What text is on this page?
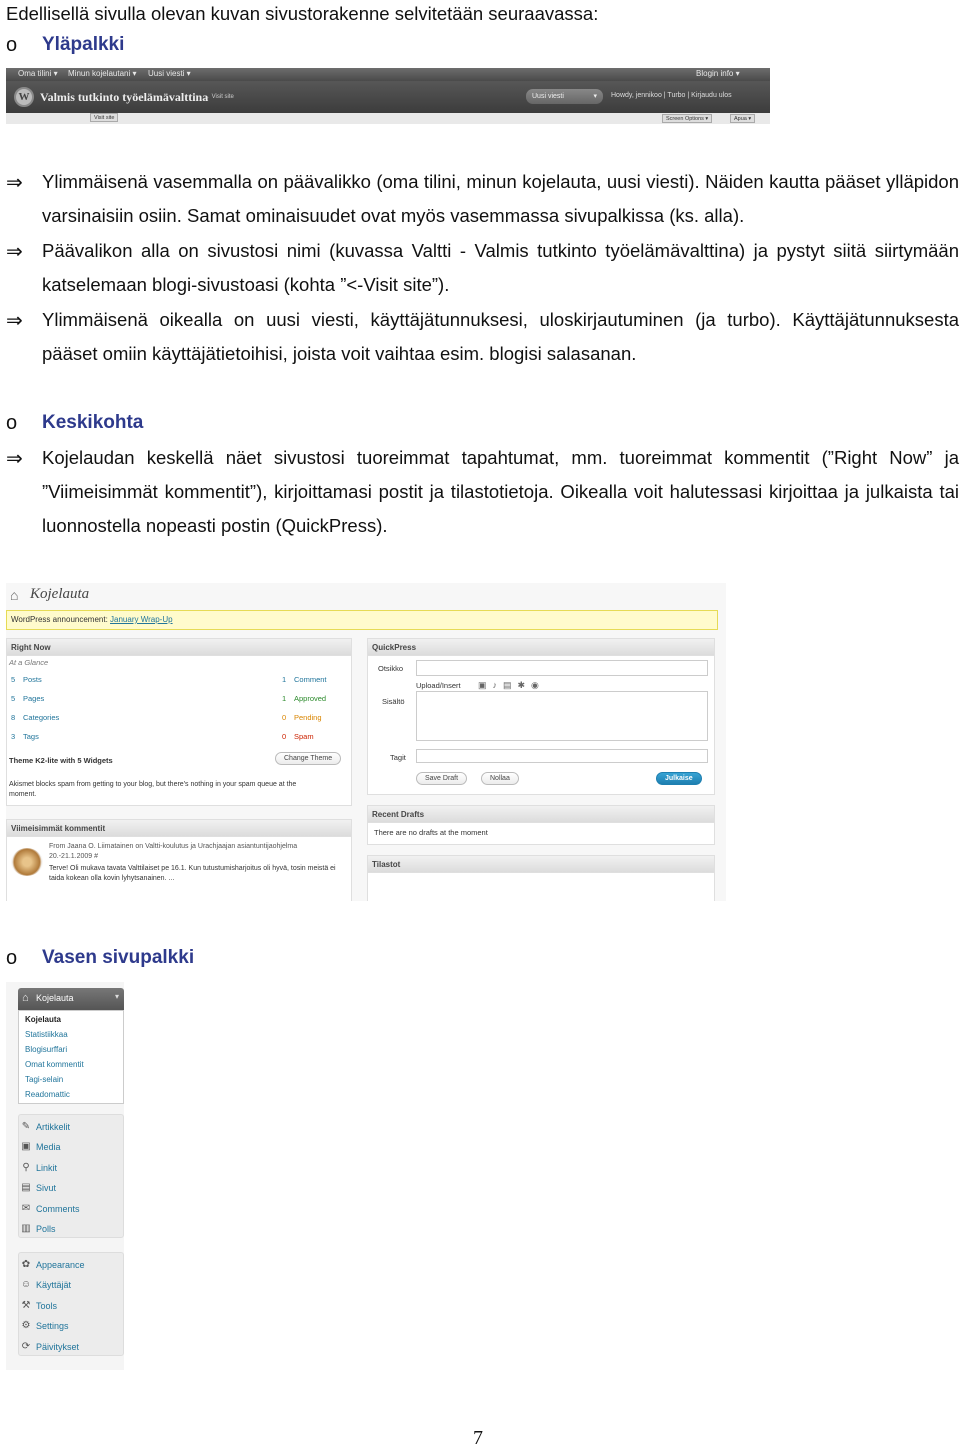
Edellisellä sivulla olevan kuvan sivustorakenne selvitetään seuraavassa:
o Yläpalkki
Oma tilini ▾ Minun kojelautani ▾ Uusi viesti ▾	Blogin info ▾
W Valmis tutkinto työelämävalttina
← Visit site	Uusi viesti	▾ Howdy, jennikoo | Turbo | Kirjaudu ulos
Visit site	Screen Options ▾	Apua ▾
⇒ Ylimmäisenä vasemmalla on päävalikko (oma tilini, minun kojelauta, uusi viesti). Näiden kautta pääset ylläpidon varsinaisiin osiin. Samat ominaisuudet ovat myös vasemmassa sivupalkissa (ks. alla).
⇒ Päävalikon alla on sivustosi nimi (kuvassa Valtti - Valmis tutkinto työelämävalttina) ja pystyt siitä siirtymään katselemaan blogi-sivustoasi (kohta ”<-Visit site”).
⇒ Ylimmäisenä oikealla on uusi viesti, käyttäjätunnuksesi, uloskirjautuminen (ja turbo). Käyttäjätunnuksesta pääset omiin käyttäjätietoihisi, joista voit vaihtaa esim. blogisi salasanan.
o Keskikohta
⇒ Kojelaudan keskellä näet sivustosi tuoreimmat tapahtumat, mm. tuoreimmat kommentit (”Right Now” ja ”Viimeisimmät kommentit”), kirjoittamasi postit ja tilastotietoja. Oikealla voit halutessasi kirjoittaa ja julkaista tai luonnostella nopeasti postin (QuickPress).
⌂ Kojelauta
WordPress announcement: January Wrap-Up
Right Now
At a Glance
5 Posts	1 Comment
5 Pages	1 Approved
8 Categories	0 Pending
3 Tags	0 Spam
Theme K2-lite with 5 Widgets	Change Theme
Akismet blocks spam from getting to your blog, but there's nothing in your spam queue at the moment.
Viimeisimmät kommentit
From Jaana O. Liimatainen on Valtti-koulutus ja Urachjaajan asiantuntijaohjelma 20.-21.1.2009 #
Terve! Oli mukava tavata Valttilaiset pe 16.1. Kun tutustumisharjoitus oli hyvä, tosin meistä ei taida kokean olla kovin lyhytsanainen. ...
QuickPress
Otsikko
Upload/Insert ▣♪▤✱◉
Sisältö
Tagit
Save Draft	Nollaa	Julkaise
Recent Drafts
There are no drafts at the moment
Tilastot
o Vasen sivupalkki
⌂ Kojelauta	▾
Kojelauta
Statistiikkaa
Blogisurffari
Omat kommentit
Tagi-selain
Readomattic
✎ Artikkelit
▣ Media
⚲ Linkit
▤ Sivut
✉ Comments
▥ Polls
✿ Appearance
☺ Käyttäjät
⚒ Tools
⚙ Settings
⟳ Päivitykset
7
